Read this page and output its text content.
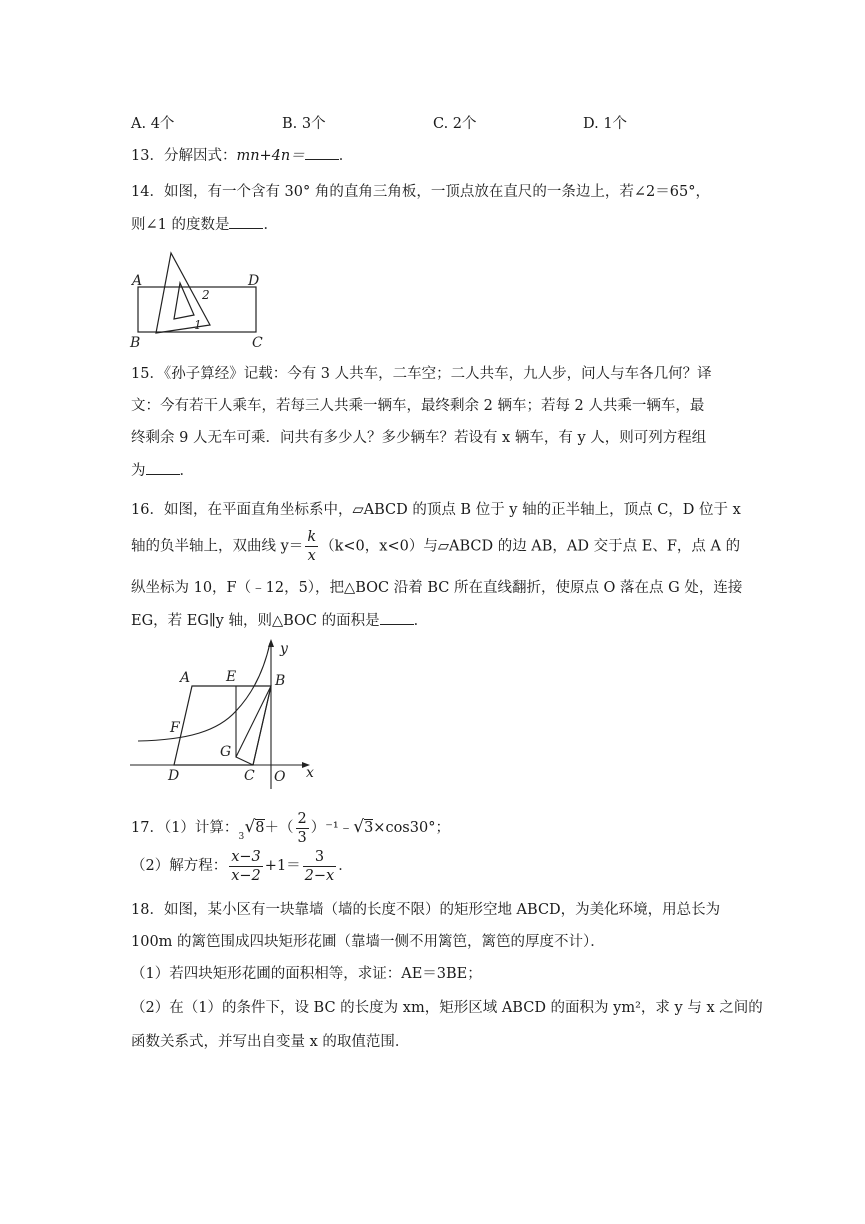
A. 4个	B. 3个	C. 2个	D. 1个
13．分解因式：mn+4n＝ ．
14．如图，有一个含有 30° 角的直角三角板，一顶点放在直尺的一条边上，若∠2＝65°，
则∠1 的度数是 ．
A	D
B	C
1
2
15．《孙子算经》记载：今有 3 人共车，二车空；二人共车，九人步，问人与车各几何？译
文：今有若干人乘车，若每三人共乘一辆车，最终剩余 2 辆车；若每 2 人共乘一辆车，最
终剩余 9 人无车可乘．问共有多少人？多少辆车？若设有 x 辆车，有 y 人，则可列方程组
为 ．
16．如图，在平面直角坐标系中，▱ABCD 的顶点 B 位于 y 轴的正半轴上，顶点 C，D 位于 x
轴的负半轴上，双曲线 $y= \frac{k}{x} (k<0$，x<0）与▱ABCD 的边 AB，AD 交于点 E、F，点 A 的
纵坐标为 10，F（﹣12，5），把△BOC 沿着 BC 所在直线翻折，使原点 O 落在点 G 处，连接
EG，若 EG∥y 轴，则△BOC 的面积是 ．
y
x
A	E	B
F
G
D	C O
17．（1）计算：
3 $√8+( \frac{2}{3}$ ）⁻¹﹣√3×cos30°；
（2）解方程： $\frac{x-3}{x-2} +1= \frac{3}{2-x}$ ．
18．如图，某小区有一块靠墙（墙的长度不限）的矩形空地 ABCD，为美化环境，用总长为
100m 的篱笆围成四块矩形花圃（靠墙一侧不用篱笆，篱笆的厚度不计）．
（1）若四块矩形花圃的面积相等，求证：AE＝3BE；
（2）在（1）的条件下，设 BC 的长度为 xm，矩形区域 ABCD 的面积为 ym²，求 y 与 x 之间的
函数关系式，并写出自变量 x 的取值范围．
